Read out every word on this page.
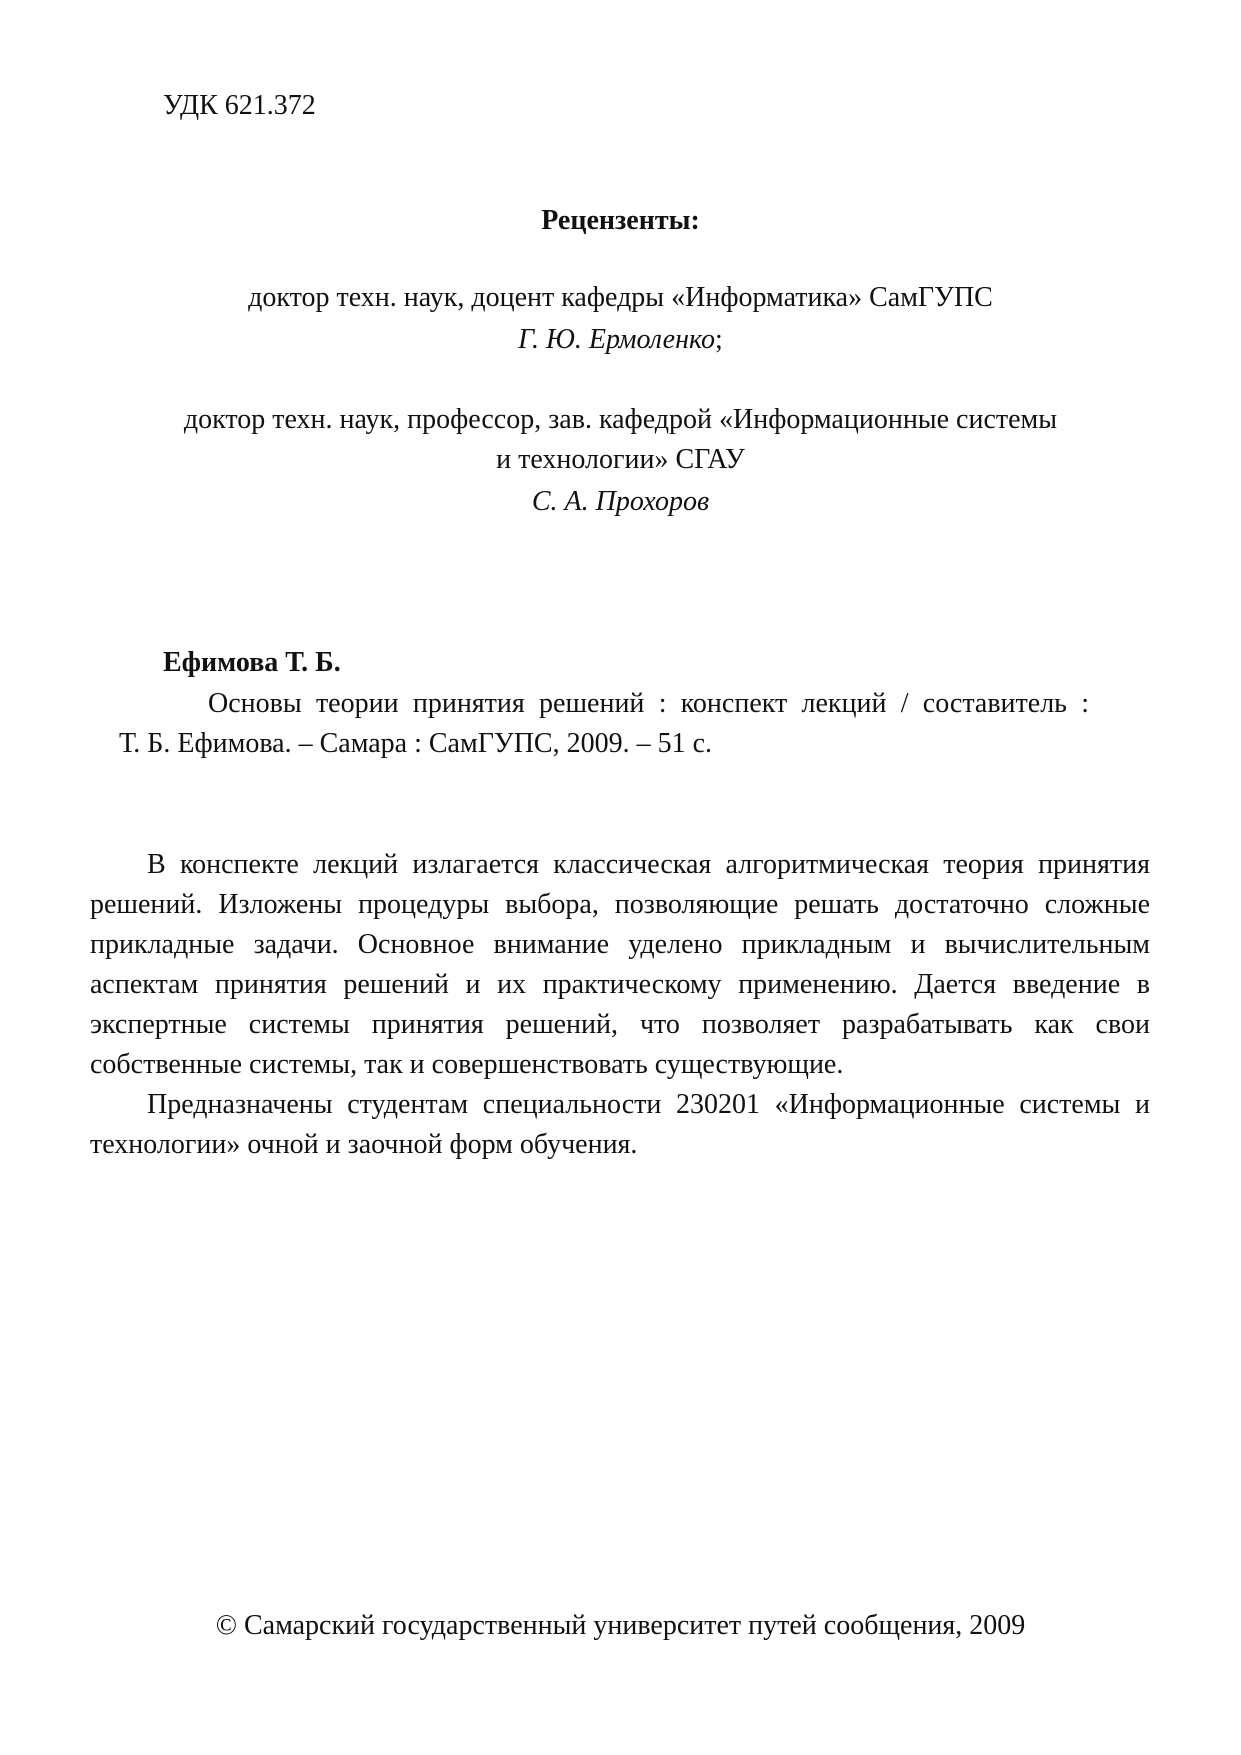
УДК 621.372
Рецензенты:
доктор техн. наук, доцент кафедры «Информатика» СамГУПС
Г. Ю. Ермоленко;
доктор техн. наук, профессор, зав. кафедрой «Информационные системы
и технологии» СГАУ
С. А. Прохоров
Ефимова Т. Б.
Основы теории принятия решений : конспект лекций / составитель :
Т. Б. Ефимова. – Самара : СамГУПС, 2009. – 51 с.
В конспекте лекций излагается классическая алгоритмическая теория принятия решений. Изложены процедуры выбора, позволяющие решать достаточно сложные прикладные задачи. Основное внимание уделено прикладным и вычислительным аспектам принятия решений и их практическому применению. Дается введение в экспертные системы принятия решений, что позволяет разрабатывать как свои собственные системы, так и совершенствовать существующие.
Предназначены студентам специальности 230201 «Информационные системы и технологии» очной и заочной форм обучения.
© Самарский государственный университет путей сообщения, 2009
